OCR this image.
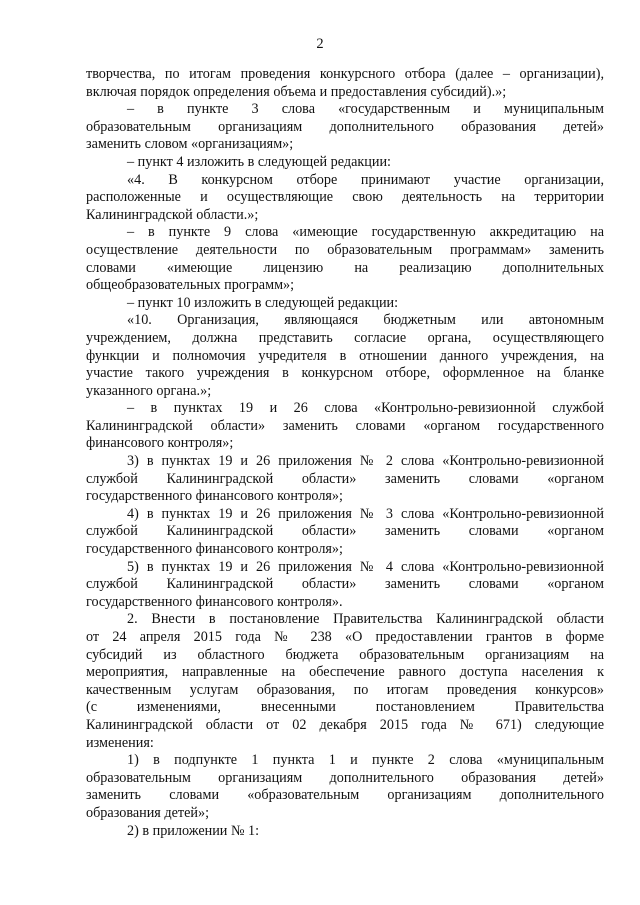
2

творчества, по итогам проведения конкурсного отбора (далее – организации),

включая порядок определения объема и предоставления субсидий).»;

– в пункте 3 слова «государственным и муниципальным

образовательным организациям дополнительного образования детей»

заменить словом «организациям»;

– пункт 4 изложить в следующей редакции:

«4. В конкурсном отборе принимают участие организации,

расположенные и осуществляющие свою деятельность на территории

Калининградской области.»;

– в пункте 9 слова «имеющие государственную аккредитацию на

осуществление деятельности по образовательным программам» заменить

словами «имеющие лицензию на реализацию дополнительных

общеобразовательных программ»;

– пункт 10 изложить в следующей редакции:

«10. Организация, являющаяся бюджетным или автономным

учреждением, должна представить согласие органа, осуществляющего

функции и полномочия учредителя в отношении данного учреждения, на

участие такого учреждения в конкурсном отборе, оформленное на бланке

указанного органа.»;

– в пунктах 19 и 26 слова «Контрольно-ревизионной службой

Калининградской области» заменить словами «органом государственного

финансового контроля»;

3) в пунктах 19 и 26 приложения № 2 слова «Контрольно-ревизионной

службой Калининградской области» заменить словами «органом

государственного финансового контроля»;

4) в пунктах 19 и 26 приложения № 3 слова «Контрольно-ревизионной

службой Калининградской области» заменить словами «органом

государственного финансового контроля»;

5) в пунктах 19 и 26 приложения № 4 слова «Контрольно-ревизионной

службой Калининградской области» заменить словами «органом

государственного финансового контроля».

2. Внести в постановление Правительства Калининградской области

от 24 апреля 2015 года № 238 «О предоставлении грантов в форме

субсидий из областного бюджета образовательным организациям на

мероприятия, направленные на обеспечение равного доступа населения к

качественным услугам образования, по итогам проведения конкурсов»

(с изменениями, внесенными постановлением Правительства

Калининградской области от 02 декабря 2015 года № 671) следующие

изменения:

1) в подпункте 1 пункта 1 и пункте 2 слова «муниципальным

образовательным организациям дополнительного образования детей»

заменить словами «образовательным организациям дополнительного

образования детей»;

2) в приложении № 1:
